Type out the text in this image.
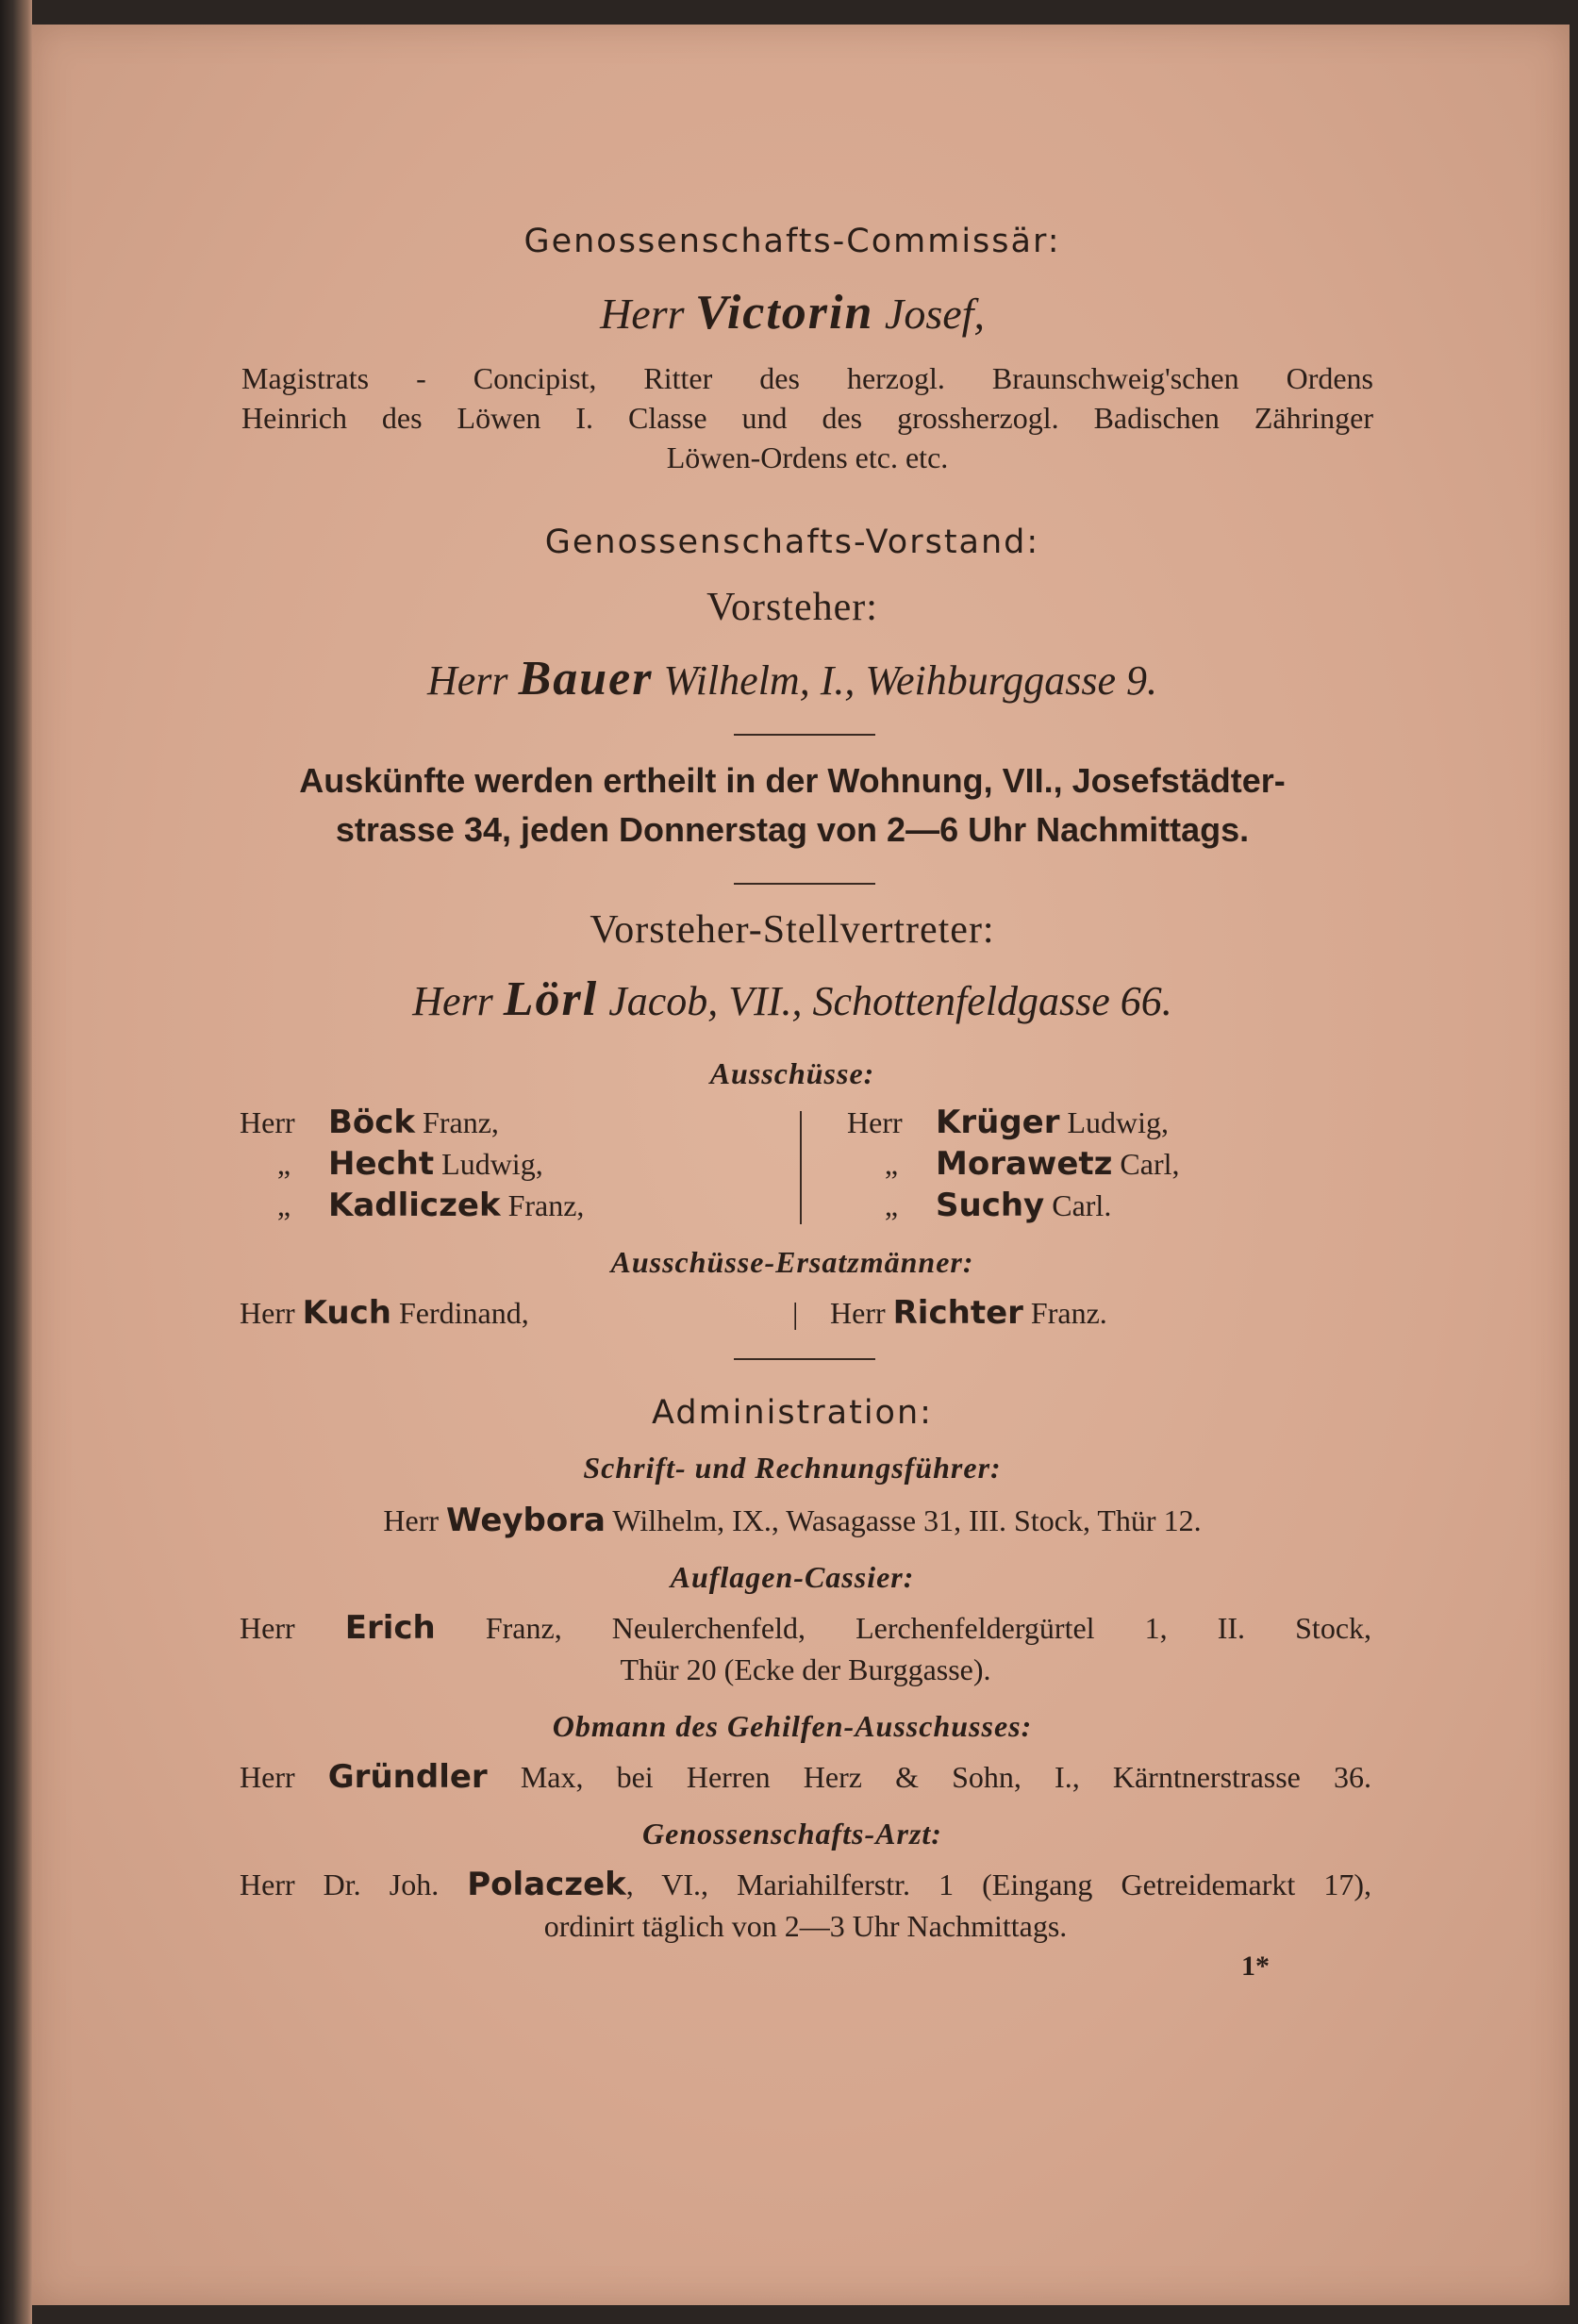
Genossenschafts-Commissär:

Herr Victorin Josef,

Magistrats - Concipist, Ritter des herzogl. Braunschweig'schen Ordens

Heinrich des Löwen I. Classe und des grossherzogl. Badischen Zähringer

Löwen-Ordens etc. etc.

Genossenschafts-Vorstand:

Vorsteher:

Herr Bauer Wilhelm, I., Weihburggasse 9.

Auskünfte werden ertheilt in der Wohnung, VII., Josefstädter-

strasse 34, jeden Donnerstag von 2—6 Uhr Nachmittags.

Vorsteher-Stellvertreter:

Herr Lörl Jacob, VII., Schottenfeldgasse 66.

Ausschüsse:

Herr Böck Franz,

„ Hecht Ludwig,

„ Kadliczek Franz,

Herr Krüger Ludwig,

„ Morawetz Carl,

„ Suchy Carl.

Ausschüsse-Ersatzmänner:

Herr Kuch Ferdinand,	| Herr Richter Franz.

Administration:

Schrift- und Rechnungsführer:

Herr Weybora Wilhelm, IX., Wasagasse 31, III. Stock, Thür 12.

Auflagen-Cassier:

Herr Erich Franz, Neulerchenfeld, Lerchenfeldergürtel 1, II. Stock,

Thür 20 (Ecke der Burggasse).

Obmann des Gehilfen-Ausschusses:

Herr Gründler Max, bei Herren Herz & Sohn, I., Kärntnerstrasse 36.

Genossenschafts-Arzt:

Herr Dr. Joh. Polaczek, VI., Mariahilferstr. 1 (Eingang Getreidemarkt 17),

ordinirt täglich von 2—3 Uhr Nachmittags.

1*
